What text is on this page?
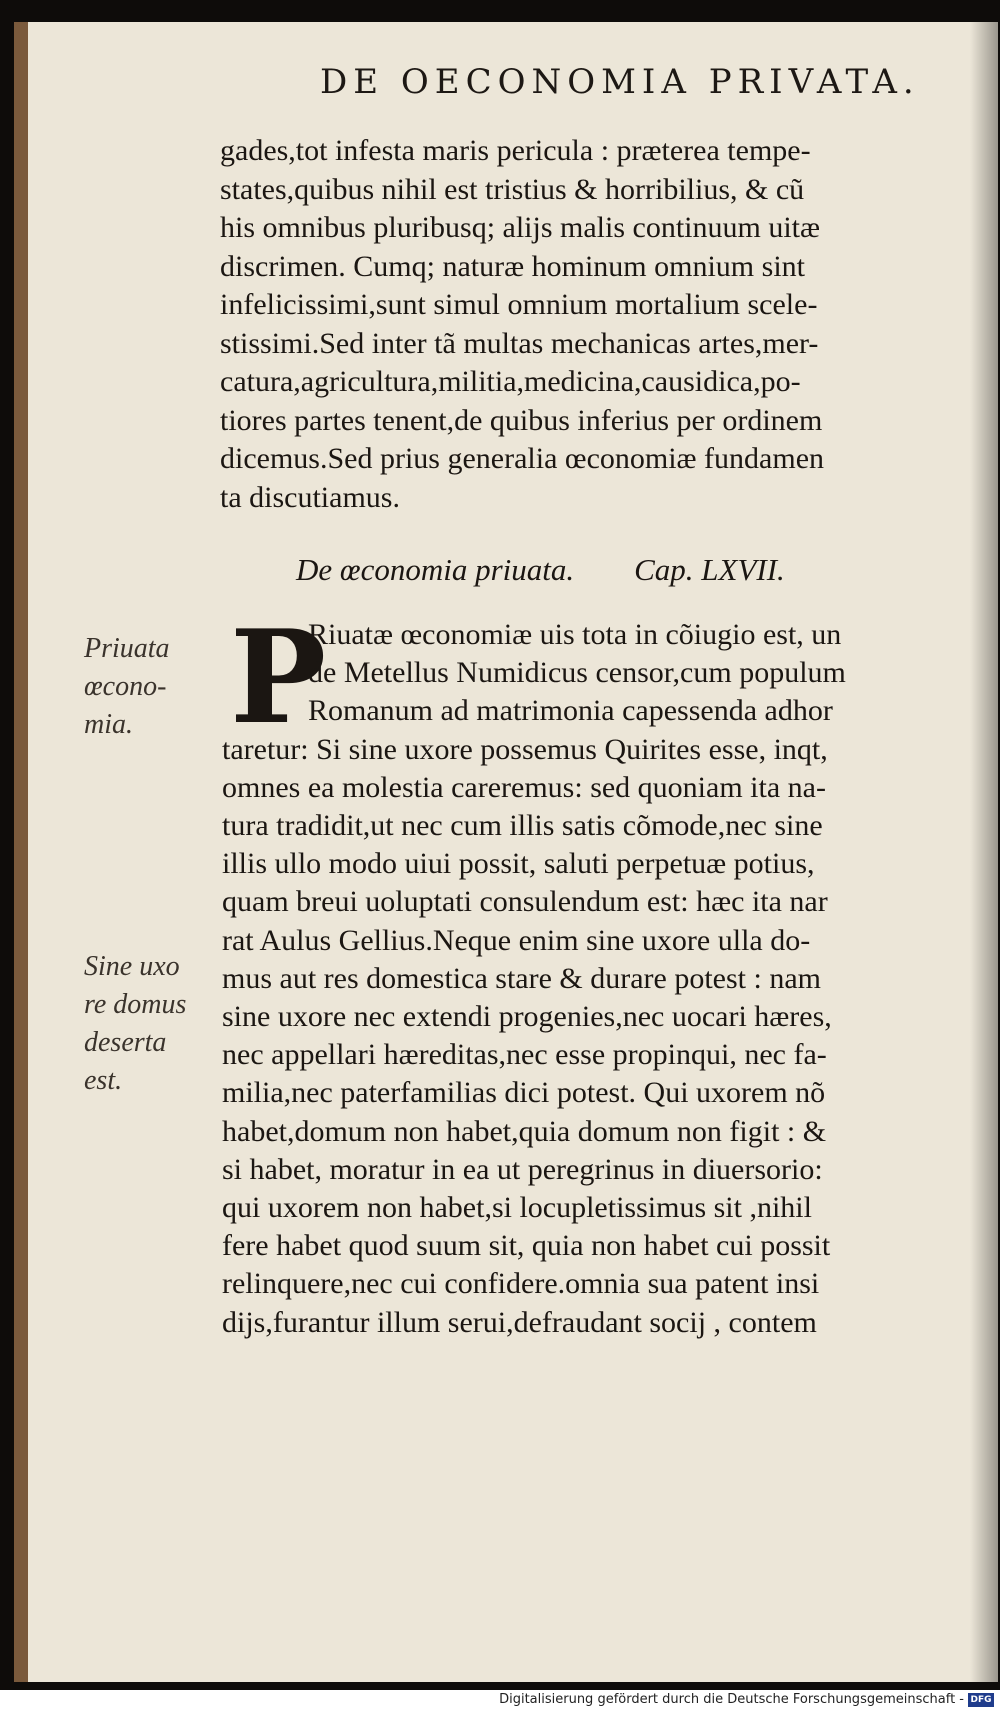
DE OECONOMIA PRIVATA.
gades,tot infesta maris pericula : præterea tempe-
states,quibus nihil est tristius & horribilius, & cũ
his omnibus pluribusq; alijs malis continuum uitæ
discrimen. Cumq; naturæ hominum omnium sint
infelicissimi,sunt simul omnium mortalium scele-
stissimi.Sed inter tã multas mechanicas artes,mer-
catura,agricultura,militia,medicina,causidica,po-
tiores partes tenent,de quibus inferius per ordinem
dicemus.Sed prius generalia œconomiæ fundamen
ta discutiamus.
De œconomia priuata. Cap. LXVII.
P
Riuatæ œconomiæ uis tota in cõiugio est, un
de Metellus Numidicus censor,cum populum
Romanum ad matrimonia capessenda adhor
taretur: Si sine uxore possemus Quirites esse, inqt,
omnes ea molestia careremus: sed quoniam ita na-
tura tradidit,ut nec cum illis satis cõmode,nec sine
illis ullo modo uiui possit, saluti perpetuæ potius,
quam breui uoluptati consulendum est: hæc ita nar
rat Aulus Gellius.Neque enim sine uxore ulla do-
mus aut res domestica stare & durare potest : nam
sine uxore nec extendi progenies,nec uocari hæres,
nec appellari hæreditas,nec esse propinqui, nec fa-
milia,nec paterfamilias dici potest. Qui uxorem nõ
habet,domum non habet,quia domum non figit : &
si habet, moratur in ea ut peregrinus in diuersorio:
qui uxorem non habet,si locupletissimus sit ,nihil
fere habet quod suum sit, quia non habet cui possit
relinquere,nec cui confidere.omnia sua patent insi
dijs,furantur illum serui,defraudant socij , contem
Priuata
œcono-
mia.
Sine uxo
re domus
deserta
est.
Digitalisierung gefördert durch die Deutsche Forschungsgemeinschaft - DFG
